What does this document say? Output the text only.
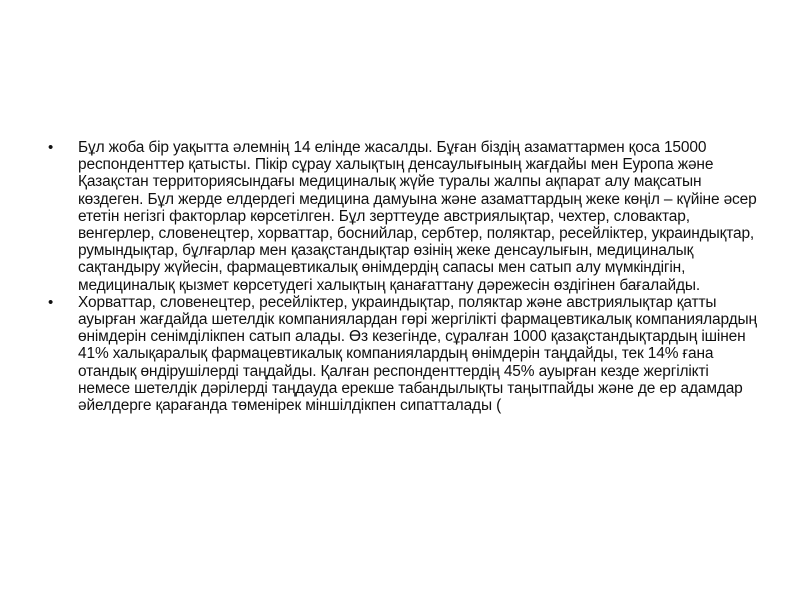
• Бұл жоба бір уақытта әлемнің 14 елінде жасалды. Бұған біздің азаматтармен қоса 15000 респонденттер қатысты. Пікір сұрау халықтың денсаулығының жағдайы мен Еуропа және Қазақстан территориясындағы медициналық жүйе туралы жалпы ақпарат алу мақсатын көздеген. Бұл жерде елдердегі медицина дамуына және азаматтардың жеке көңіл – күйіне әсер ететін негізгі факторлар көрсетілген. Бұл зерттеуде австриялықтар, чехтер, словактар, венгерлер, словенецтер, хорваттар, боснийлар, сербтер, поляктар, ресейліктер, украиндықтар, румындықтар, бұлғарлар мен қазақстандықтар өзінің жеке денсаулығын, медициналық сақтандыру жүйесін, фармацевтикалық өнімдердің сапасы мен сатып алу мүмкіндігін, медициналық қызмет көрсетудегі халықтың қанағаттану дәрежесін өздігінен бағалайды.
• Хорваттар, словенецтер, ресейліктер, украиндықтар, поляктар және австриялықтар қатты ауырған жағдайда шетелдік компаниялардан гөрі жергілікті фармацевтикалық компаниялардың өнімдерін сенімділікпен сатып алады. Өз кезегінде, сұралған 1000 қазақстандықтардың ішінен 41% халықаралық фармацевтикалық компаниялардың өнімдерін таңдайды, тек 14% ғана отандық өндірушілерді таңдайды. Қалған респонденттердің 45% ауырған кезде жергілікті немесе шетелдік дәрілерді таңдауда ерекше табандылықты таңытпайды және де ер адамдар әйелдерге қарағанда төменірек міншілдікпен сипатталады (
